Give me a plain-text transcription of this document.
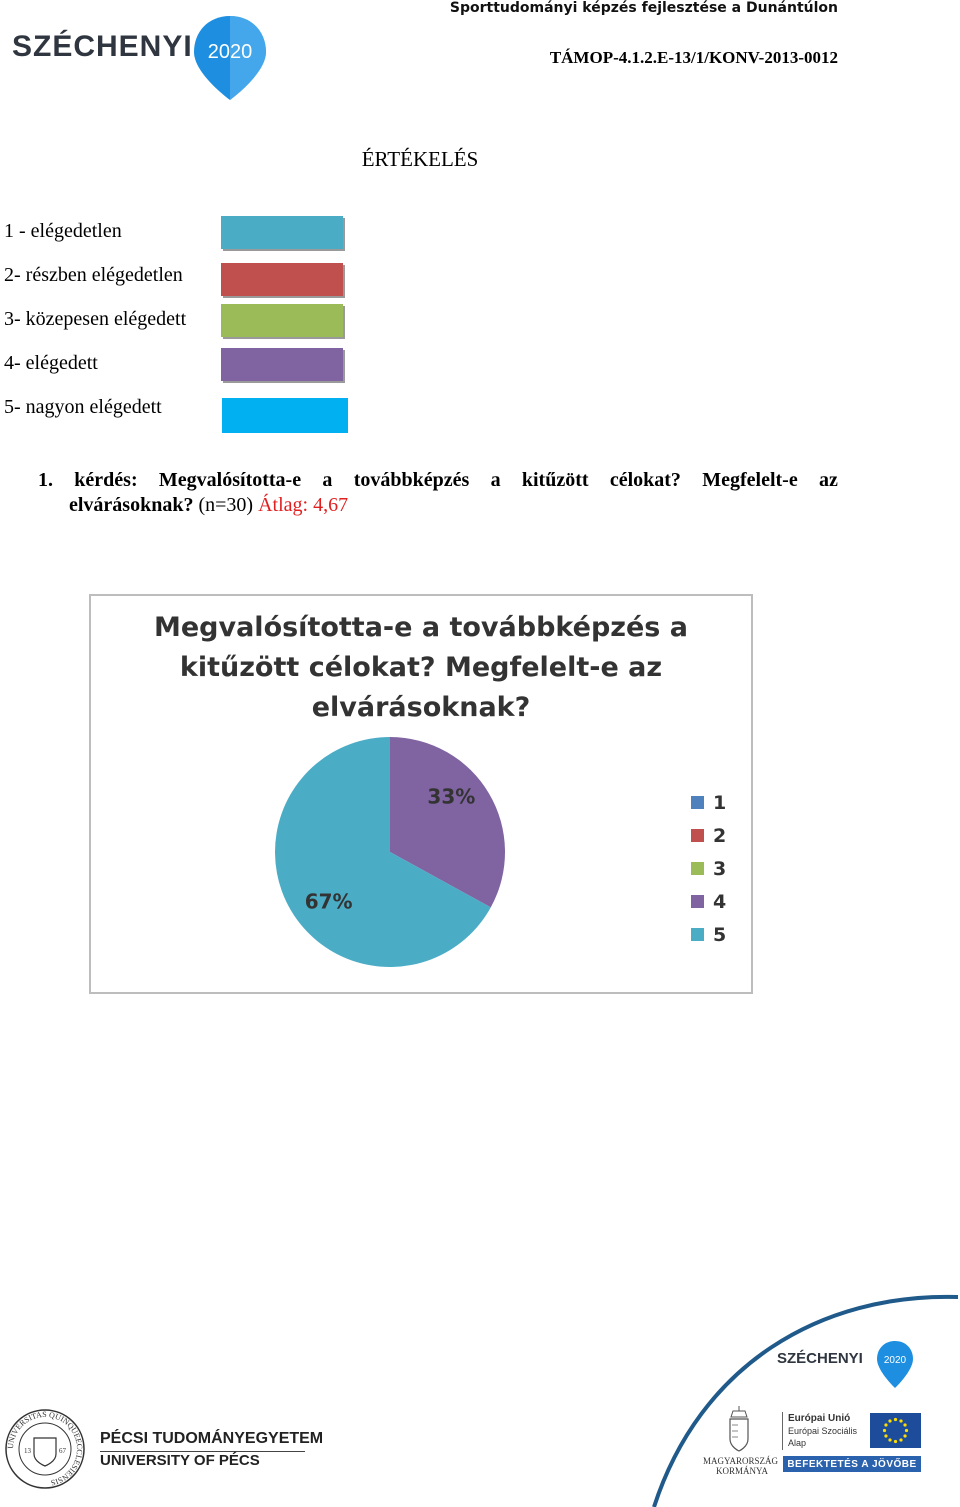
SZÉCHENYI 2020
Sporttudományi képzés fejlesztése a Dunántúlon
TÁMOP-4.1.2.E-13/1/KONV-2013-0012
ÉRTÉKELÉS
1 - elégedetlen
2- részben elégedetlen
3- közepesen elégedett
4- elégedett
5- nagyon elégedett
1. kérdés: Megvalósította-e a továbbképzés a kitűzött célokat? Megfelelt-e az
elvárásoknak? (n=30) Átlag: 4,67
Megvalósította-e a továbbképzés a kitűzött célokat? Megfelelt-e az elvárásoknak?
33%
67%
1
2
3
4
5
SZÉCHENYI 2020
UNIVERSITAS QUINQUEECCLESIENSIS
13	67
PÉCSI TUDOMÁNYEGYETEM
UNIVERSITY OF PÉCS	MAGYARORSZÁG
KORMÁNYA
Európai Unió
Európai Szociális
Alap
BEFEKTETÉS A JÖVŐBE
